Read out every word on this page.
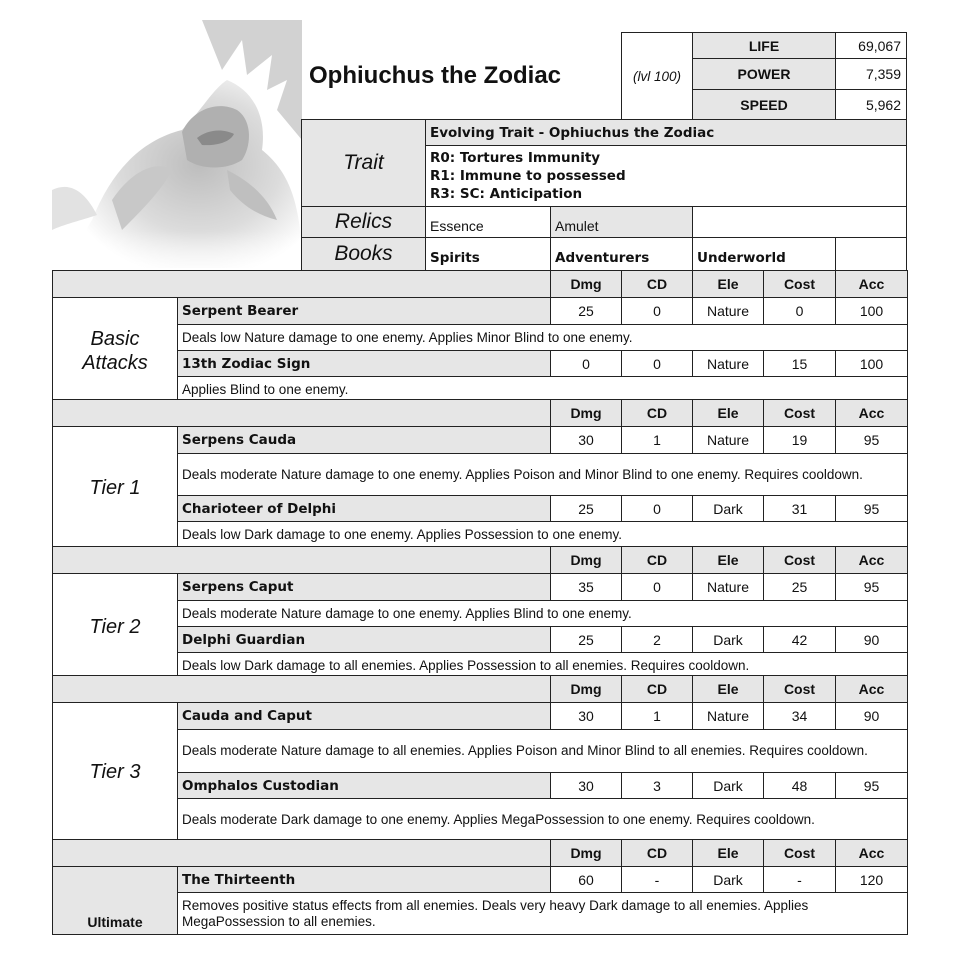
Ophiuchus the Zodiac	(lvl 100)
LIFE	69,067
POWER	7,359
SPEED	5,962
Trait
Evolving Trait - Ophiuchus the Zodiac
R0: Tortures Immunity
R1: Immune to possessed
R3: SC: Anticipation
Relics	Essence	Amulet
Books	Spirits	Adventurers	Underworld
Dmg	CD	Ele	Cost	Acc
Basic
Attacks
Serpent Bearer	25	0	Nature	0	100
Deals low Nature damage to one enemy. Applies Minor Blind to one enemy.
13th Zodiac Sign	0	0	Nature	15	100
Applies Blind to one enemy.
Dmg	CD	Ele	Cost	Acc
Tier 1
Serpens Cauda	30	1	Nature	19	95
Deals moderate Nature damage to one enemy. Applies Poison and Minor Blind to one enemy. Requires cooldown.
Charioteer of Delphi	25	0	Dark	31	95
Deals low Dark damage to one enemy. Applies Possession to one enemy.
Dmg	CD	Ele	Cost	Acc
Tier 2
Serpens Caput	35	0	Nature	25	95
Deals moderate Nature damage to one enemy. Applies Blind to one enemy.
Delphi Guardian	25	2	Dark	42	90
Deals low Dark damage to all enemies. Applies Possession to all enemies. Requires cooldown.
Dmg	CD	Ele	Cost	Acc
Tier 3
Cauda and Caput	30	1	Nature	34	90
Deals moderate Nature damage to all enemies. Applies Poison and Minor Blind to all enemies. Requires cooldown.
Omphalos Custodian	30	3	Dark	48	95
Deals moderate Dark damage to one enemy. Applies MegaPossession to one enemy. Requires cooldown.
Dmg	CD	Ele	Cost	Acc
Ultimate
The Thirteenth	60	-	Dark	-	120
Removes positive status effects from all enemies. Deals very heavy Dark damage to all enemies. Applies MegaPossession to all enemies.
